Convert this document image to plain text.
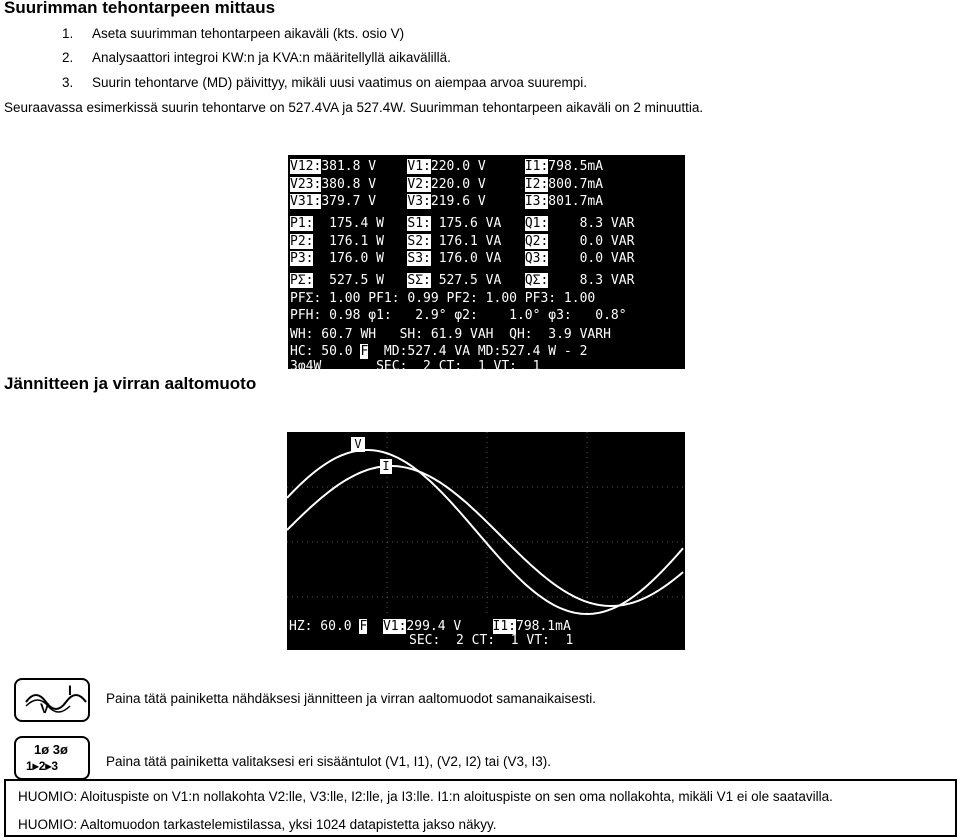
Suurimman tehontarpeen mittaus
1. Aseta suurimman tehontarpeen aikaväli (kts. osio V)
2. Analysaattori integroi KW:n ja KVA:n määritellyllä aikavälillä.
3. Suurin tehontarve (MD) päivittyy, mikäli uusi vaatimus on aiempaa arvoa suurempi.
Seuraavassa esimerkissä suurin tehontarve on 527.4VA ja 527.4W. Suurimman tehontarpeen aikaväli on 2 minuuttia.
V12:381.8 V    V1:220.0 V     I1:798.5mA
V23:380.8 V    V2:220.0 V     I2:800.7mA
V31:379.7 V    V3:219.6 V     I3:801.7mA
P1:  175.4 W   S1: 175.6 VA   Q1:    8.3 VAR
P2:  176.1 W   S2: 176.1 VA   Q2:    0.0 VAR
P3:  176.0 W   S3: 176.0 VA   Q3:    0.0 VAR
PΣ:  527.5 W   SΣ: 527.5 VA   QΣ:    8.3 VAR
PFΣ: 1.00 PF1: 0.99 PF2: 1.00 PF3: 1.00
PFH: 0.98 φ1:   2.9° φ2:    1.0° φ3:   0.8°
WH: 60.7 WH   SH: 61.9 VAH  QH:  3.9 VARH
HC: 50.0 F  MD:527.4 VA MD:527.4 W - 2
3φ4W       SEC:  2 CT:  1 VT:  1
Jännitteen ja virran aaltomuoto
V
I
HZ: 60.0 F V1:299.4 V    I1:798.1mA
SEC:  2 CT:  1 VT:  1
V
I
Paina tätä painiketta nähdäksesi jännitteen ja virran aaltomuodot samanaikaisesti.
1ø 3ø
1▸2▸3	Paina tätä painiketta valitaksesi eri sisääntulot (V1, I1), (V2, I2) tai (V3, I3).
HUOMIO: Aloituspiste on V1:n nollakohta V2:lle, V3:lle, I2:lle, ja I3:lle. I1:n aloituspiste on sen oma nollakohta, mikäli V1 ei ole saatavilla.
HUOMIO: Aaltomuodon tarkastelemistilassa, yksi 1024 datapistetta jakso näkyy.
